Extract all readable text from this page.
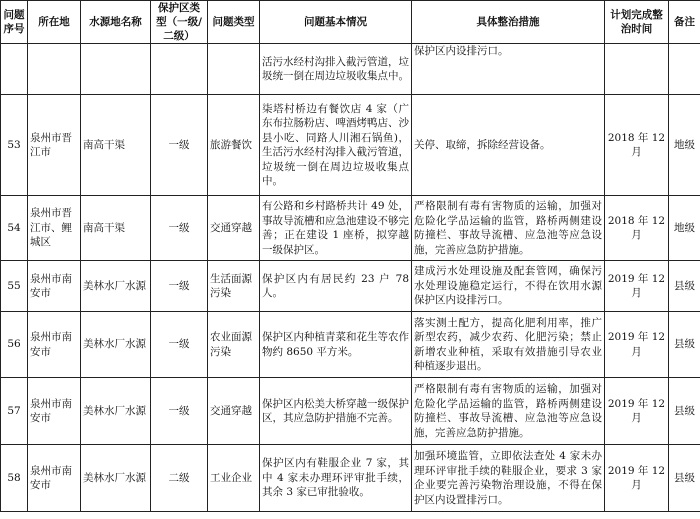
问题序号	所在地	水源地名称	保护区类型（一级/二级）	问题类型	问题基本情况	具体整治措施	计划完成整治时间	备注
					活污水经村沟排入截污管道，垃圾统一倒在周边垃圾收集点中。	保护区内设排污口。		
53	泉州市晋江市	南高干渠	一级	旅游餐饮	柒塔村桥边有餐饮店 4 家（广东布拉肠粉店、啤酒烤鸭店、沙县小吃、同路人川湘石锅鱼)，生活污水经村沟排入截污管道，垃圾统一倒在周边垃圾收集点中。	关停、取缔，拆除经营设备。	2018 年 12 月	地级
54	泉州市晋江市、鲤城区	南高干渠	一级	交通穿越	有公路和乡村路桥共计 49 处，事故导流槽和应急池建设不够完善；正在建设 1 座桥，拟穿越一级保护区。	严格限制有毒有害物质的运输，加强对危险化学品运输的监管，路桥两侧建设防撞栏、事故导流槽、应急池等应急设施，完善应急防护措施。	2018 年 12 月	地级
55	泉州市南安市	美林水厂水源	一级	生活面源污染	保护区内有居民约 23 户 78 人。	建成污水处理设施及配套管网，确保污水处理设施稳定运行，不得在饮用水源保护区内设排污口。	2019 年 12 月	县级
56	泉州市南安市	美林水厂水源	一级	农业面源污染	保护区内种植青菜和花生等农作物约 8650 平方米。	落实测土配方，提高化肥利用率，推广新型农药，减少农药、化肥污染；禁止新增农业种植，采取有效措施引导农业种植逐步退出。	2019 年 12 月	县级
57	泉州市南安市	美林水厂水源	一级	交通穿越	保护区内松美大桥穿越一级保护区，其应急防护措施不完善。	严格限制有毒有害物质的运输，加强对危险化学品运输的监管，路桥两侧建设防撞栏、事故导流槽、应急池等应急设施，完善应急防护措施。	2019 年 12 月	县级
58	泉州市南安市	美林水厂水源	二级	工业企业	保护区内有鞋服企业 7 家，其中 4 家未办理环评审批手续，其余 3 家已审批验收。	加强环境监管，立即依法查处 4 家未办理环评审批手续的鞋服企业，要求 3 家企业要完善污染物治理设施，不得在保护区内设置排污口。	2019 年 12 月	县级
